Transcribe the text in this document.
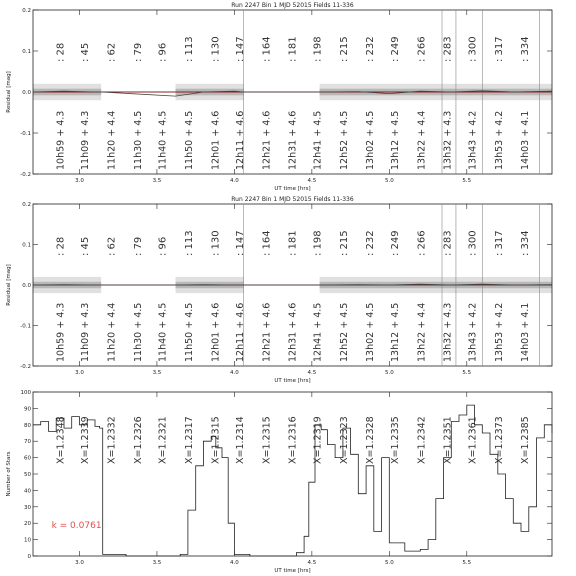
Run 2247 Bin 1 MJD 52015 Fields 11-336
3.0	3.5	4.0	4.5	5.0	5.5
-0.2
-0.1
0.0
0.1
0.2
UT time [hrs]
Residual [mag]
: 28 : 45 : 62 : 79 : 96 : 113 : 130 : 147 : 164 : 181 : 198 : 215 : 232 : 249 : 266 : 283 : 300 : 317 : 334
10h59 + 4.3 11h09 + 4.3 11h20 + 4.4 11h30 + 4.5 11h40 + 4.5 11h50 + 4.5 12h01 + 4.6 12h11 + 4.6 12h21 + 4.6 12h31 + 4.6 12h41 + 4.5 12h52 + 4.5 13h02 + 4.5 13h12 + 4.5 13h22 + 4.4 13h32 + 4.3 13h43 + 4.2 13h53 + 4.2 14h03 + 4.1
Run 2247 Bin 1 MJD 52015 Fields 11-336
3.0	3.5	4.0	4.5	5.0	5.5
-0.2
-0.1
0.0
0.1
0.2
UT time [hrs]
Residual [mag]
: 28 : 45 : 62 : 79 : 96 : 113 : 130 : 147 : 164 : 181 : 198 : 215 : 232 : 249 : 266 : 283 : 300 : 317 : 334
10h59 + 4.3 11h09 + 4.3 11h20 + 4.4 11h30 + 4.5 11h40 + 4.5 11h50 + 4.5 12h01 + 4.6 12h11 + 4.6 12h21 + 4.6 12h31 + 4.6 12h41 + 4.5 12h52 + 4.5 13h02 + 4.5 13h12 + 4.5 13h22 + 4.4 13h32 + 4.3 13h43 + 4.2 13h53 + 4.2 14h03 + 4.1
3.0	3.5	4.0	4.5	5.0	5.5
0
10
20
30
40
50
60
70
80
90
100
UT time [hrs]
Number of Stars
X=1.2348 X=1.2339 X=1.2332 X=1.2326 X=1.2321 X=1.2317 X=1.2315 X=1.2314 X=1.2315 X=1.2316 X=1.2319 X=1.2323 X=1.2328 X=1.2335 X=1.2342 X=1.2351 X=1.2361 X=1.2373 X=1.2385
k = 0.0761
